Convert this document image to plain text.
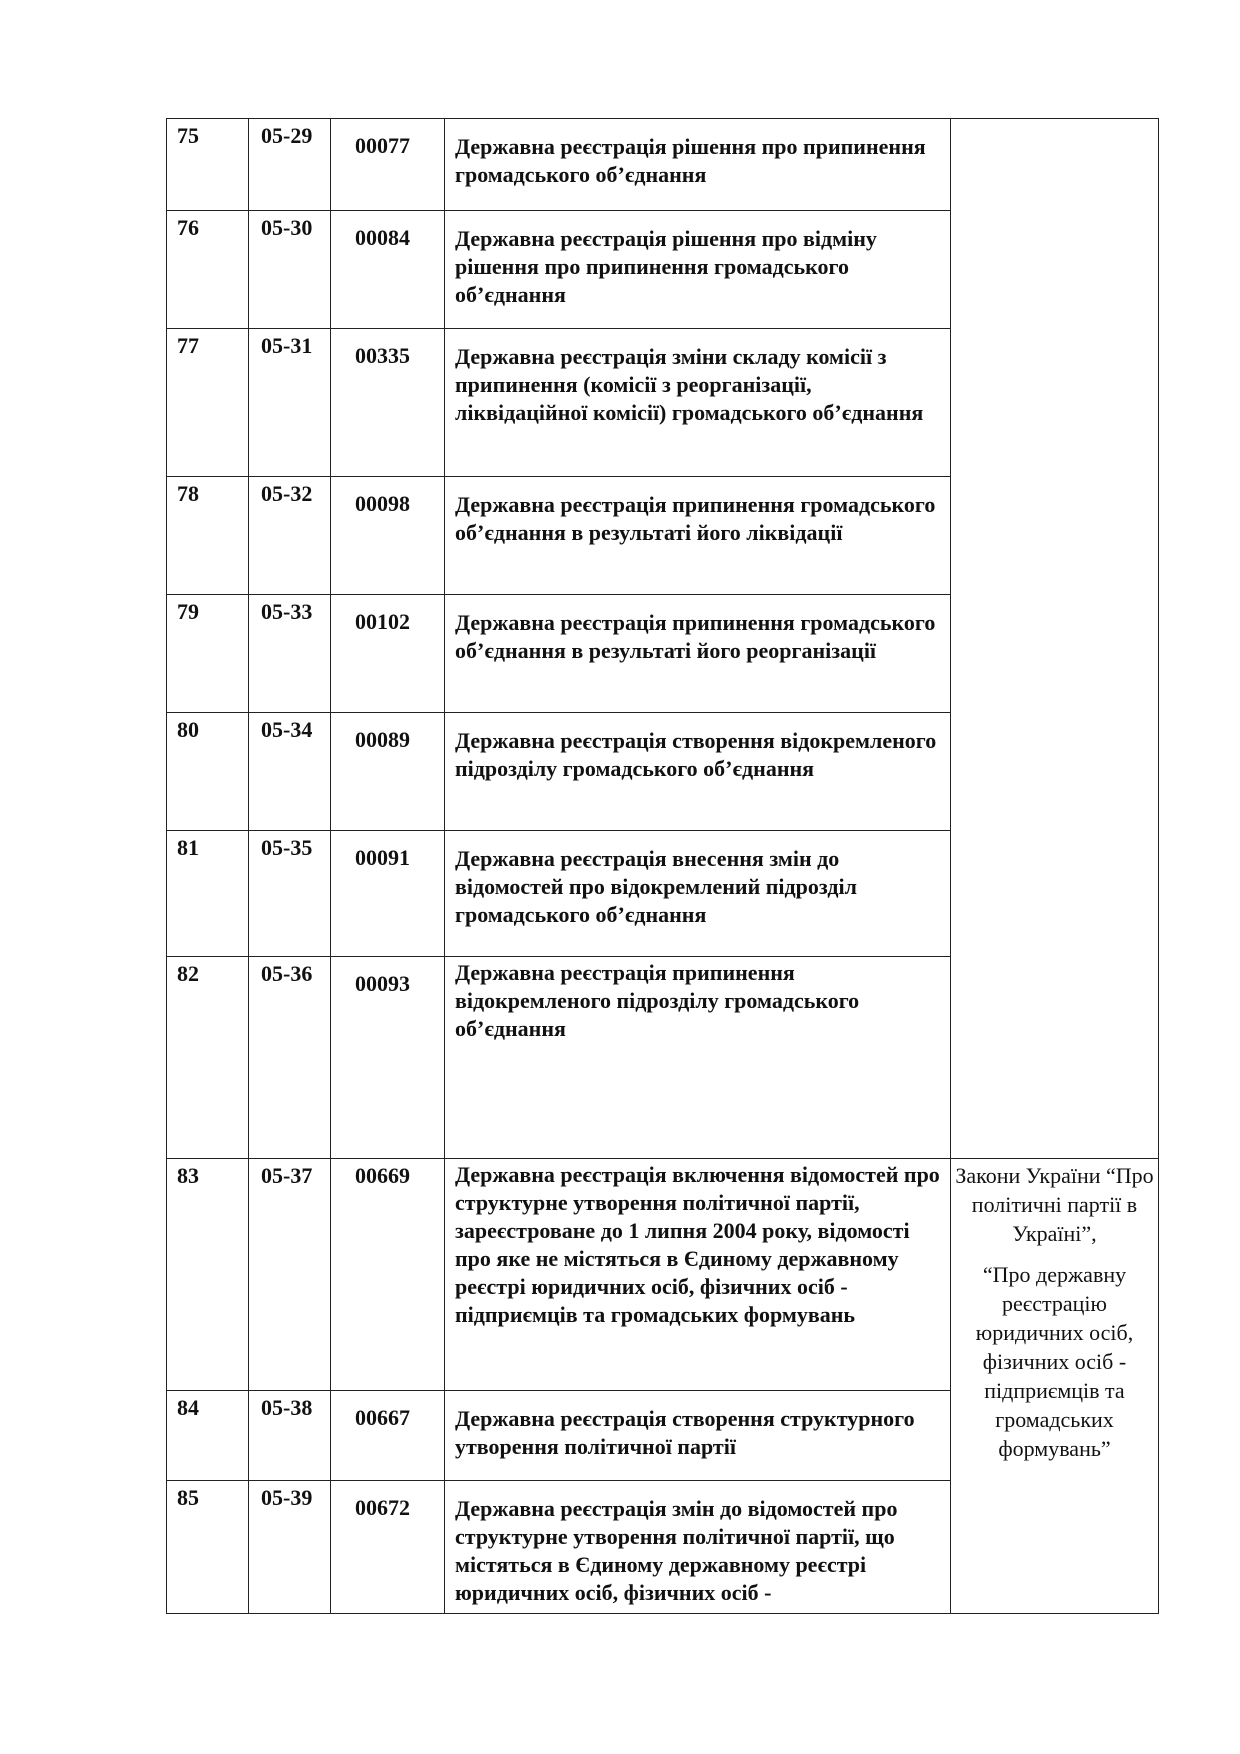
75	05-29	00077	Державна реєстрація рішення про припинення громадського об’єднання	
76	05-30	00084	Державна реєстрація рішення про відміну рішення про припинення громадського об’єднання	
77	05-31	00335	Державна реєстрація зміни складу комісії з припинення (комісії з реорганізації, ліквідаційної комісії) громадського об’єднання	
78	05-32	00098	Державна реєстрація припинення громадського об’єднання в результаті його ліквідації	
79	05-33	00102	Державна реєстрація припинення громадського об’єднання в результаті його реорганізації	
80	05-34	00089	Державна реєстрація створення відокремленого підрозділу громадського об’єднання	
81	05-35	00091	Державна реєстрація внесення змін до відомостей про відокремлений підрозділ громадського об’єднання	
82	05-36	00093	Державна реєстрація припинення відокремленого підрозділу громадського об’єднання	
83	05-37	00669	Державна реєстрація включення відомостей про структурне утворення політичної партії, зареєстроване до 1 липня 2004 року, відомості про яке не містяться в Єдиному державному реєстрі юридичних осіб, фізичних осіб - підприємців та громадських формувань	Закони України “Про політичні партії в Україні”,

“Про державну реєстрацію юридичних осіб, фізичних осіб - підприємців та громадських формувань”

84	05-38	00667	Державна реєстрація створення структурного утворення політичної партії	
85	05-39	00672	Державна реєстрація змін до відомостей про структурне утворення політичної партії, що містяться в Єдиному державному реєстрі юридичних осіб, фізичних осіб -	
